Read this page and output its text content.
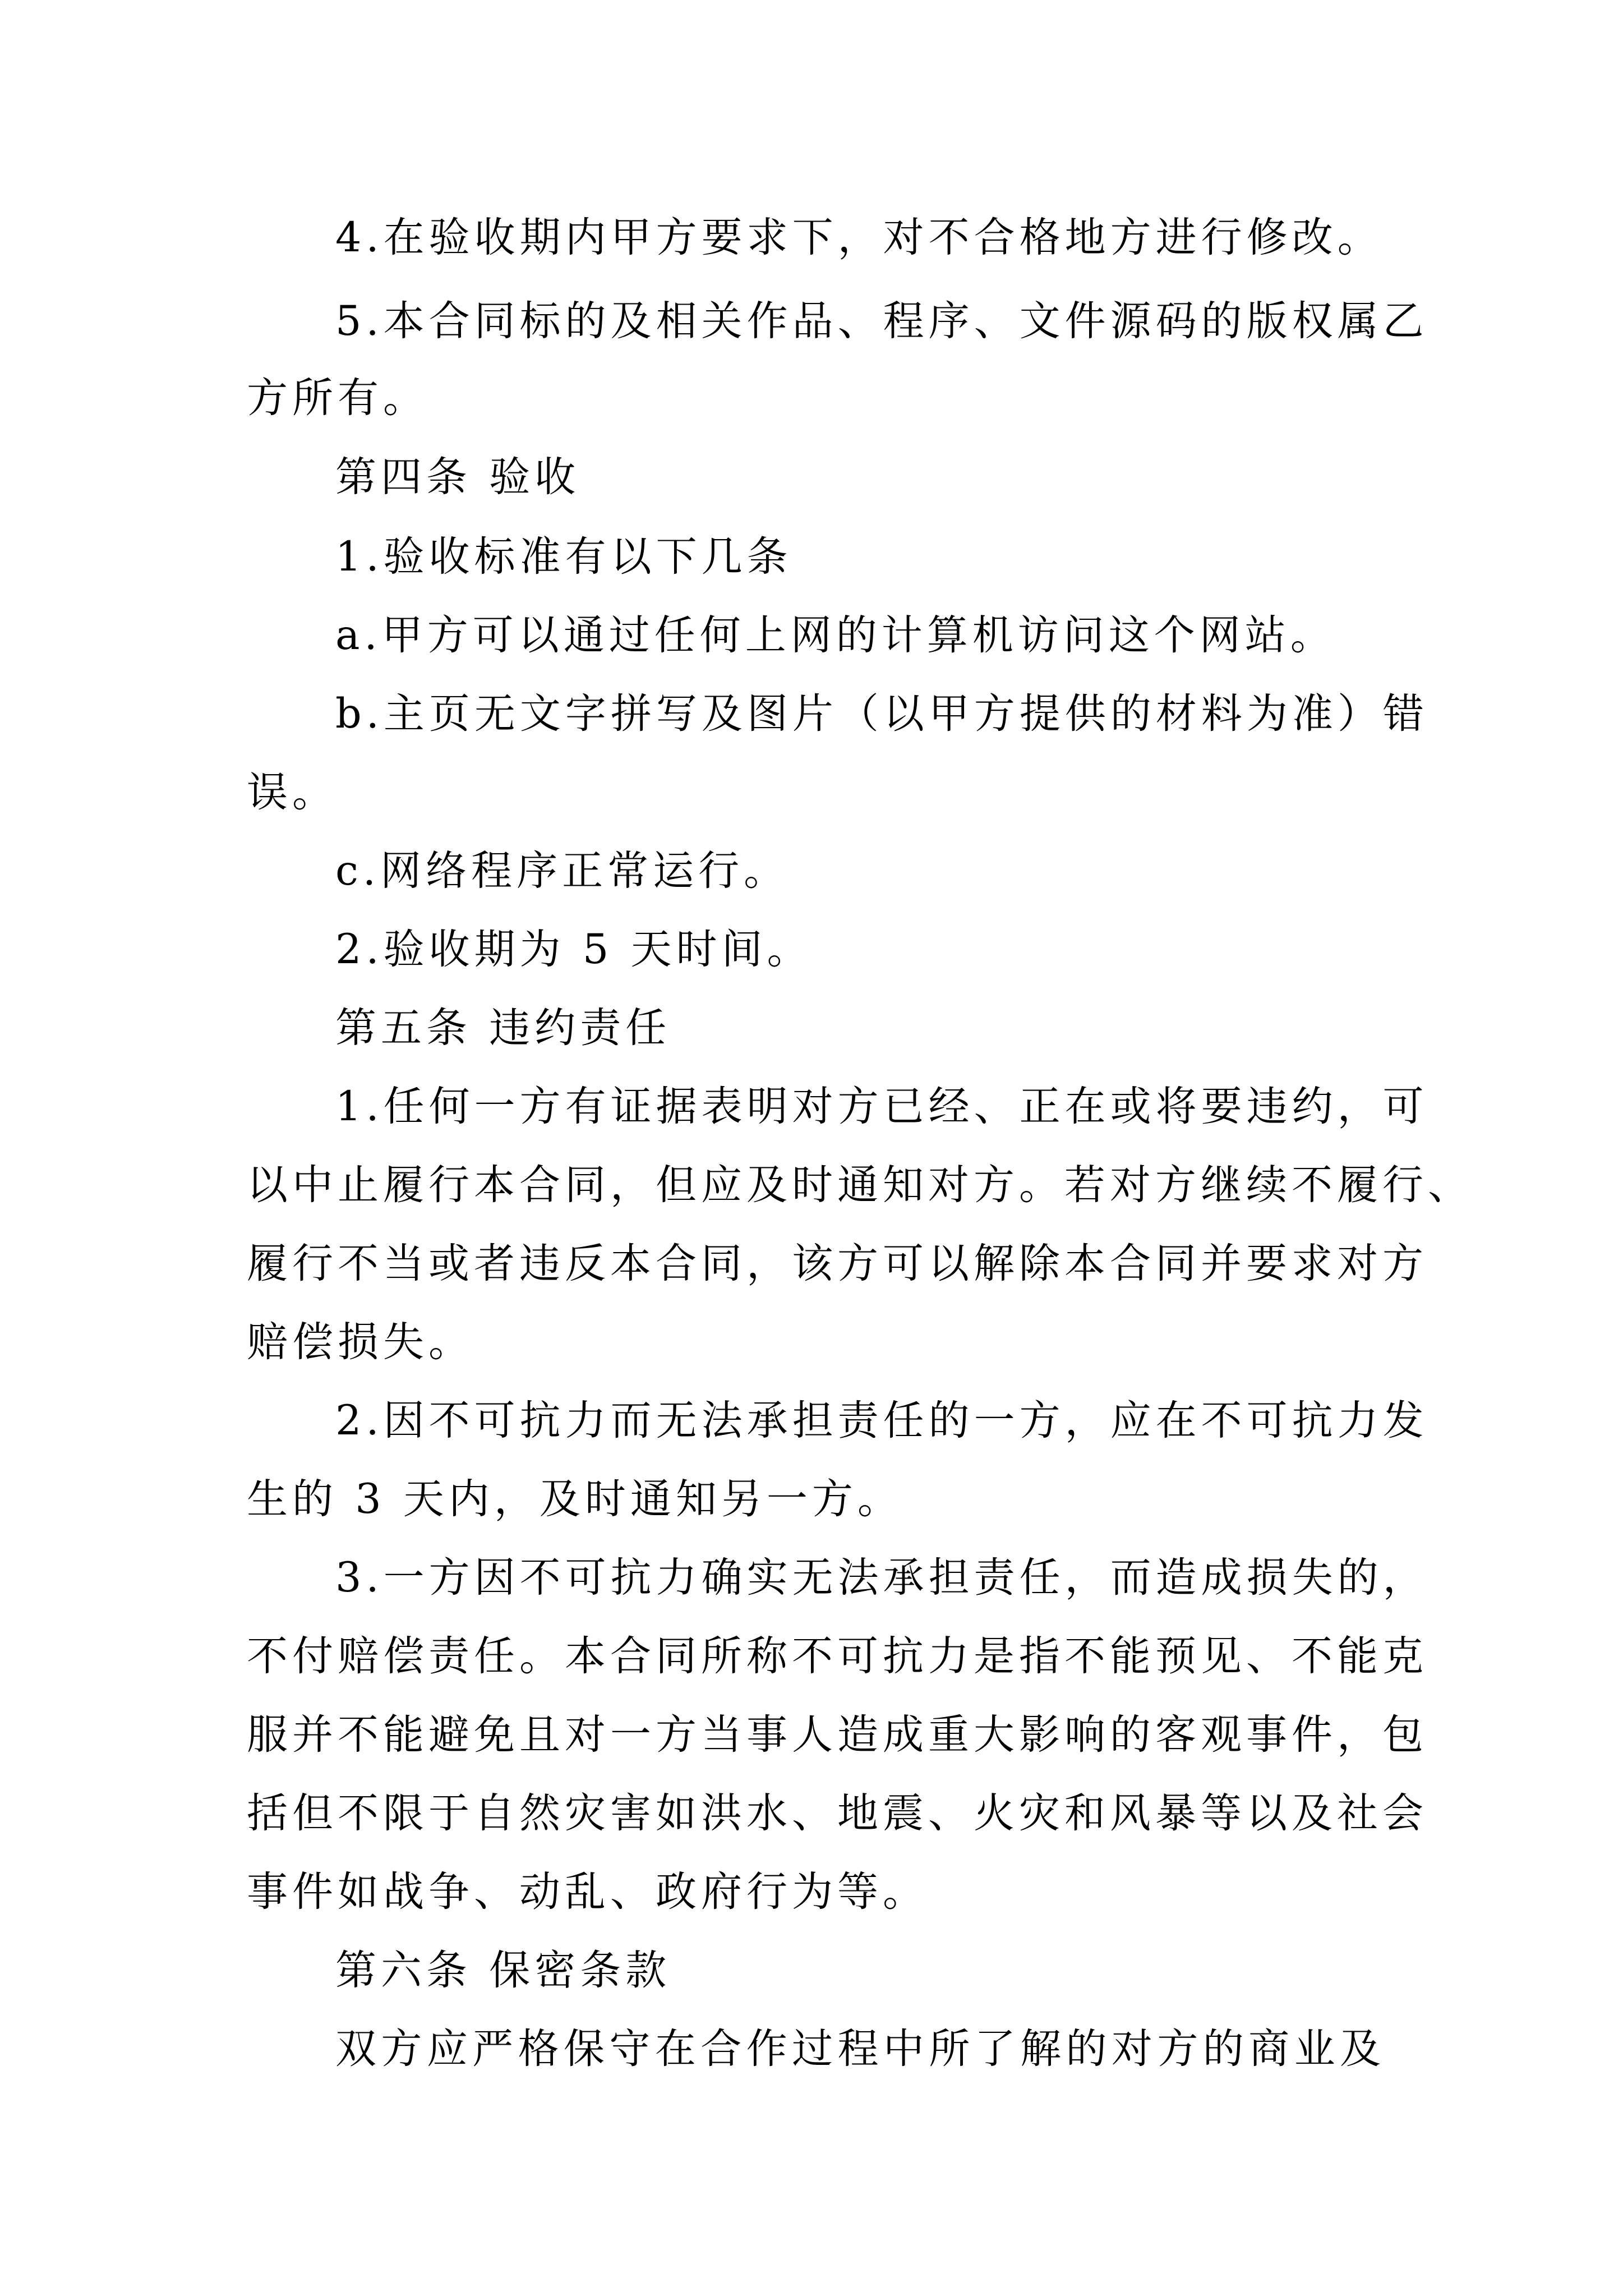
4.在验收期内甲方要求下，对不合格地方进行修改。
5.本合同标的及相关作品、程序、文件源码的版权属乙
方所有。
第四条 验收
1.验收标准有以下几条
a.甲方可以通过任何上网的计算机访问这个网站。
b.主页无文字拼写及图片（以甲方提供的材料为准）错
误。
c.网络程序正常运行。
2.验收期为 5 天时间。
第五条 违约责任
1.任何一方有证据表明对方已经、正在或将要违约，可
以中止履行本合同，但应及时通知对方。若对方继续不履行、
履行不当或者违反本合同，该方可以解除本合同并要求对方
赔偿损失。
2.因不可抗力而无法承担责任的一方，应在不可抗力发
生的 3 天内，及时通知另一方。
3.一方因不可抗力确实无法承担责任，而造成损失的，
不付赔偿责任。本合同所称不可抗力是指不能预见、不能克
服并不能避免且对一方当事人造成重大影响的客观事件，包
括但不限于自然灾害如洪水、地震、火灾和风暴等以及社会
事件如战争、动乱、政府行为等。
第六条 保密条款
双方应严格保守在合作过程中所了解的对方的商业及
